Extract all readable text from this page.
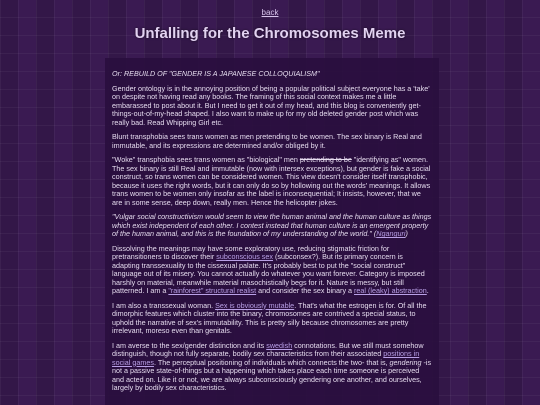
back
Unfalling for the Chromosomes Meme

Or: REBUILD OF "GENDER IS A JAPANESE COLLOQUIALISM"

Gender ontology is in the annoying position of being a popular political subject everyone has a 'take' on despite not having read any books. The framing of this social context makes me a little embarassed to post about it. But I need to get it out of my head, and this blog is conveniently get-things-out-of-my-head shaped. I also want to make up for my old deleted gender post which was really bad. Read Whipping Girl etc.

Blunt transphobia sees trans women as men pretending to be women. The sex binary is Real and immutable, and its expressions are determined and/or obliged by it.

"Woke" transphobia sees trans women as "biological" men pretending to be "identifying as" women. The sex binary is still Real and immutable (now with intersex exceptions), but gender is fake a social construct, so trans women can be considered women. This view doesn't consider itself transphobic, because it uses the right words, but it can only do so by hollowing out the words' meanings. It allows trans women to be women only insofar as the label is inconsequential; It insists, however, that we are in some sense, deep down, really men. Hence the helicopter jokes.

"Vulgar social constructivism would seem to view the human animal and the human culture as things which exist independent of each other. I contest instead that human culture is an emergent property of the human animal, and this is the foundation of my understanding of the world." (Nganguri)

Dissolving the meanings may have some exploratory use, reducing stigmatic friction for pretransitioners to discover their subconscious sex (subconsex?). But its primary concern is adapting transsexuality to the cissexual palate. It's probably best to put the "social construct" language out of its misery. You cannot actually do whatever you want forever. Category is imposed harshly on material, meanwhile material masochistically begs for it. Nature is messy, but still patterned. I am a "rainforest" structural realist and consider the sex binary a real (leaky) abstraction.

I am also a transsexual woman. Sex is obviously mutable. That's what the estrogen is for. Of all the dimorphic features which cluster into the binary, chromosomes are contrived a special status, to uphold the narrative of sex's immutability. This is pretty silly because chromosomes are pretty irrelevant, moreso even than genitals.

I am averse to the sex/gender distinction and its swedish connotations. But we still must somehow distinguish, though not fully separate, bodily sex characteristics from their associated positions in social games. The perceptual positioning of individuals which connects the two- that is, gendering -is not a passive state-of-things but a happening which takes place each time someone is perceived and acted on. Like it or not, we are always subconsciously gendering one another, and ourselves, largely by bodily sex characteristics.
